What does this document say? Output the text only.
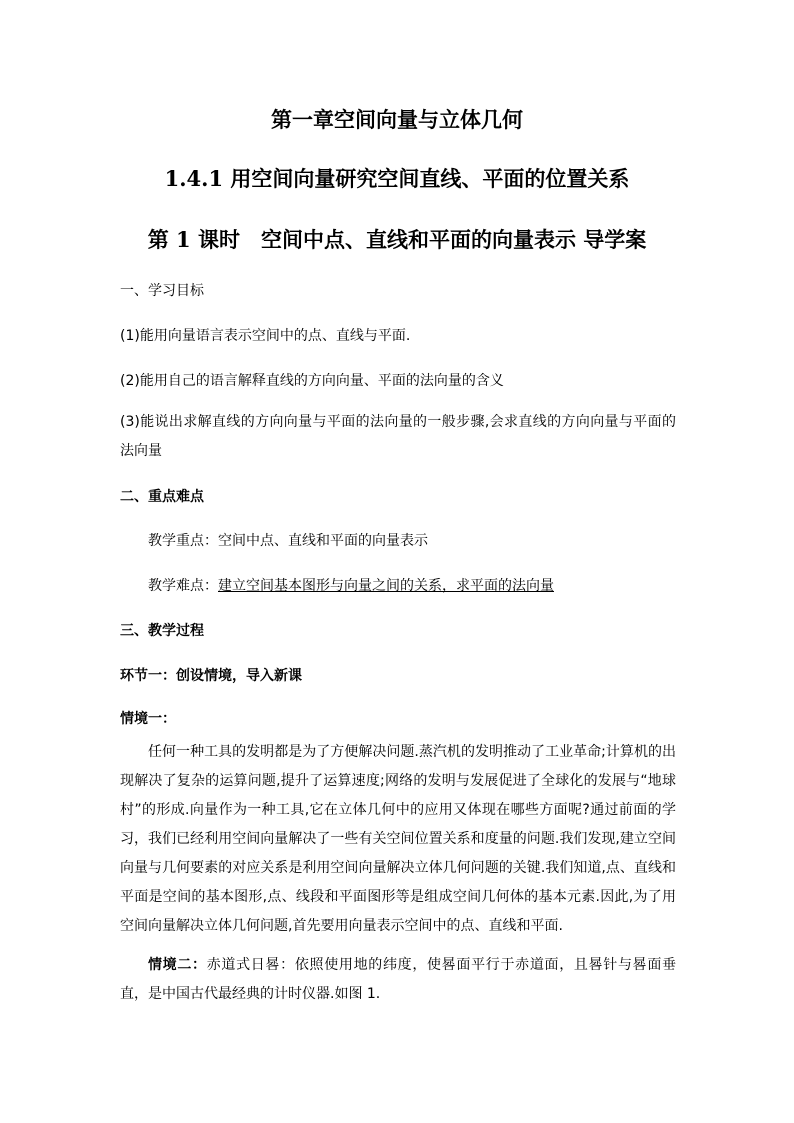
第一章空间向量与立体几何
1.4.1 用空间向量研究空间直线、平面的位置关系
第 1 课时　空间中点、直线和平面的向量表示 导学案
一、学习目标
(1)能用向量语言表示空间中的点、直线与平面.
(2)能用自己的语言解释直线的方向向量、平面的法向量的含义

(3)能说出求解直线的方向向量与平面的法向量的一般步骤,会求直线的方向向量与平面的法向量

二、重点难点
教学重点：空间中点、直线和平面的向量表示
教学难点：建立空间基本图形与向量之间的关系，求平面的法向量
三、教学过程
环节一：创设情境，导入新课
情境一：

任何一种工具的发明都是为了方便解决问题.蒸汽机的发明推动了工业革命;计算机的出现解决了复杂的运算问题,提升了运算速度;网络的发明与发展促进了全球化的发展与“地球村”的形成.向量作为一种工具,它在立体几何中的应用又体现在哪些方面呢?通过前面的学习，我们已经利用空间向量解决了一些有关空间位置关系和度量的问题.我们发现,建立空间向量与几何要素的对应关系是利用空间向量解决立体几何问题的关键.我们知道,点、直线和平面是空间的基本图形,点、线段和平面图形等是组成空间几何体的基本元素.因此,为了用空间向量解决立体几何问题,首先要用向量表示空间中的点、直线和平面.

情境二：赤道式日晷：依照使用地的纬度，使晷面平行于赤道面，且晷针与晷面垂直，是中国古代最经典的计时仪器.如图 1.
